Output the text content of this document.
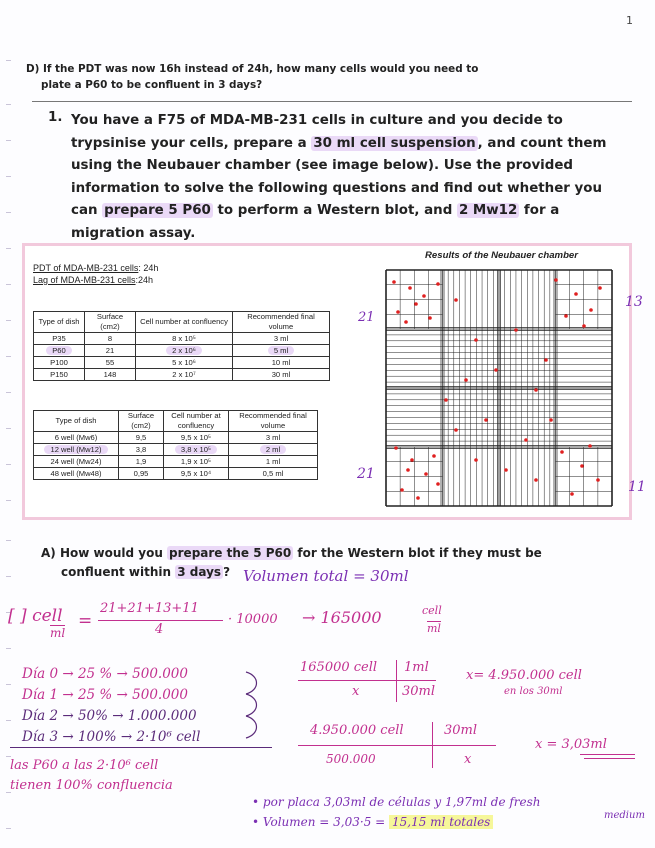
1
D) If the PDT was now 16h instead of 24h, how many cells would you need to
plate a P60 to be confluent in 3 days?
1. You have a F75 of MDA-MB-231 cells in culture and you decide to
trypsinise your cells, prepare a 30 ml cell suspension , and count them
using the Neubauer chamber (see image below). Use the provided
information to solve the following questions and find out whether you
can prepare 5 P60 to perform a Western blot, and 2 Mw12 for a
migration assay.
PDT of MDA-MB-231 cells: 24h
Lag of MDA-MB-231 cells:24h
Type of dish	Surface (cm2)	Cell number at confluency	Recommended final volume
P35	8	8 x 10⁵	3 ml
P60	21	2 x 10⁶	5 ml
P100	55	5 x 10⁶	10 ml
P150	148	2 x 10⁷	30 ml
Type of dish	Surface (cm2)	Cell number at confluency	Recommended final volume
6 well (Mw6)	9,5	9,5 x 10⁵	3 ml
12 well (Mw12)	3,8	3,8 x 10⁵	2 ml
24 well (Mw24)	1,9	1,9 x 10⁵	1 ml
48 well (Mw48)	0,95	9,5 x 10⁴	0,5 ml
Results of the Neubauer chamber
21
13
21
11
A) How would you prepare the 5 P60 for the Western blot if they must be
confluent within 3 days ? Volumen total = 30ml
[ ] cell
ml
=
21+21+13+11
4
· 10000 → 165000	cell
ml
Día 0 → 25 % → 500.000
Día 1 → 25 % → 500.000
Día 2 → 50% → 1.000.000
Día 3 → 100% → 2·10⁶ cell
las P60 a las 2·10⁶ cell
tienen 100% confluencia
165000 cell 1ml
x	30ml
x= 4.950.000 cell
en los 30ml
4.950.000 cell	30ml
500.000	x
x = 3,03ml
• por placa 3,03ml de células y 1,97ml de fresh
medium
• Volumen = 3,03·5 = 15,15 ml totales
